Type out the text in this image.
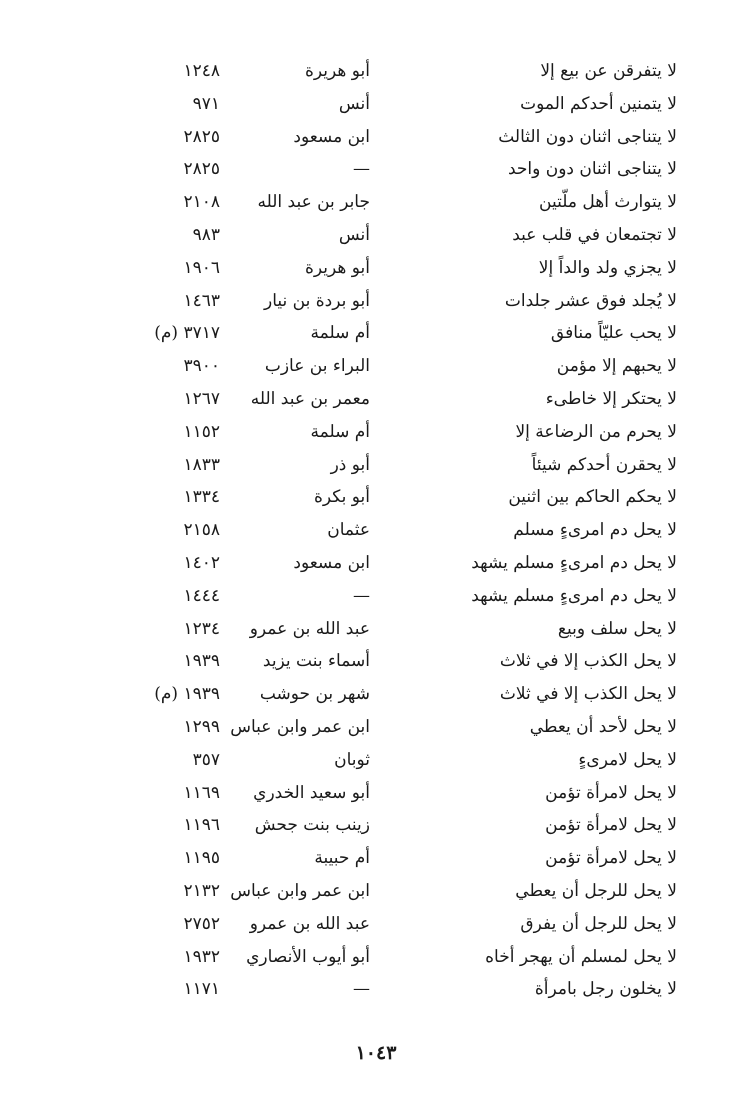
لا يتفرقن عن بيع إلا
أبو هريرة
١٢٤٨
لا يتمنين أحدكم الموت
أنس
٩٧١
لا يتناجى اثنان دون الثالث
ابن مسعود
٢٨٢٥
لا يتناجى اثنان دون واحد
—
٢٨٢٥
لا يتوارث أهل ملّتين
جابر بن عبد الله
٢١٠٨
لا تجتمعان في قلب عبد
أنس
٩٨٣
لا يجزي ولد والداً إلا
أبو هريرة
١٩٠٦
لا يُجلد فوق عشر جلدات
أبو بردة بن نيار
١٤٦٣
لا يحب عليّاً منافق
أم سلمة
٣٧١٧ (م)
لا يحبهم إلا مؤمن
البراء بن عازب
٣٩٠٠
لا يحتكر إلا خاطىء
معمر بن عبد الله
١٢٦٧
لا يحرم من الرضاعة إلا
أم سلمة
١١٥٢
لا يحقرن أحدكم شيئاً
أبو ذر
١٨٣٣
لا يحكم الحاكم بين اثنين
أبو بكرة
١٣٣٤
لا يحل دم امرىءٍ مسلم
عثمان
٢١٥٨
لا يحل دم امرىءٍ مسلم يشهد
ابن مسعود
١٤٠٢
لا يحل دم امرىءٍ مسلم يشهد
—
١٤٤٤
لا يحل سلف وبيع
عبد الله بن عمرو
١٢٣٤
لا يحل الكذب إلا في ثلاث
أسماء بنت يزيد
١٩٣٩
لا يحل الكذب إلا في ثلاث
شهر بن حوشب
١٩٣٩ (م)
لا يحل لأحد أن يعطي
ابن عمر وابن عباس
١٢٩٩
لا يحل لامرىءٍ
ثوبان
٣٥٧
لا يحل لامرأة تؤمن
أبو سعيد الخدري
١١٦٩
لا يحل لامرأة تؤمن
زينب بنت جحش
١١٩٦
لا يحل لامرأة تؤمن
أم حبيبة
١١٩٥
لا يحل للرجل أن يعطي
ابن عمر وابن عباس
٢١٣٢
لا يحل للرجل أن يفرق
عبد الله بن عمرو
٢٧٥٢
لا يحل لمسلم أن يهجر أخاه
أبو أيوب الأنصاري
١٩٣٢
لا يخلون رجل بامرأة
—
١١٧١
١٠٤٣
